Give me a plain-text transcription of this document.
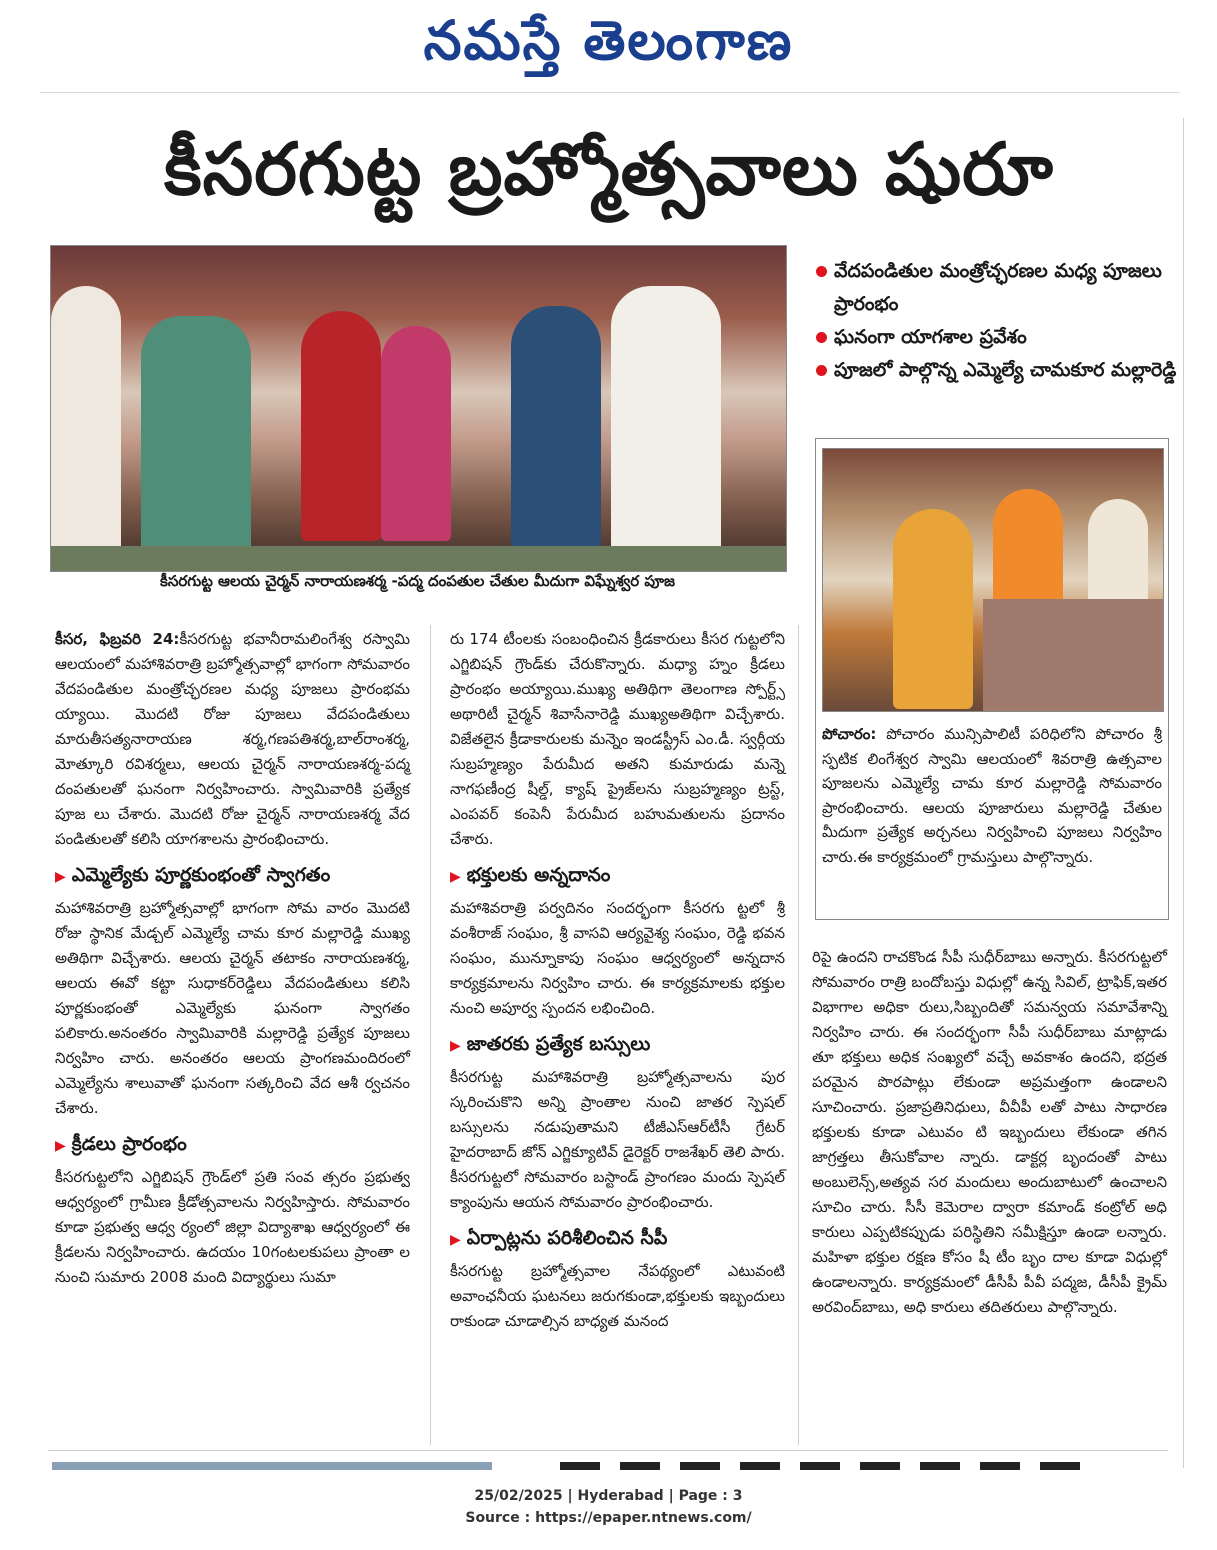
నమస్తే తెలంగాణ
కీసరగుట్ట బ్రహ్మోత్సవాలు షురూ
కీసరగుట్ట ఆలయ చైర్మన్ నారాయణశర్మ -పద్మ దంపతుల చేతుల మీదుగా విఘ్నేశ్వర పూజ
వేదపండితుల మంత్రోచ్ఛరణల మధ్య పూజలు ప్రారంభం
ఘనంగా యాగశాల ప్రవేశం
పూజలో పాల్గొన్న ఎమ్మెల్యే చామకూర మల్లారెడ్డి
పోచారం: పోచారం మున్సిపాలిటీ పరిధిలోని పోచారం శ్రీ స్ఫటిక లింగేశ్వర స్వామి ఆలయంలో శివరాత్రి ఉత్సవాల పూజలను ఎమ్మెల్యే చామ కూర మల్లారెడ్డి సోమవారం ప్రారంభించారు. ఆలయ పూజారులు మల్లారెడ్డి చేతుల మీదుగా ప్రత్యేక అర్చనలు నిర్వహించి పూజలు నిర్వహిం చారు.ఈ కార్యక్రమంలో గ్రామస్తులు పాల్గొన్నారు.
కీసర, ఫిబ్రవరి 24:కీసరగుట్ట భవానీరామలింగేశ్వ రస్వామి ఆలయంలో మహాశివరాత్రి బ్రహ్మోత్సవాల్లో భాగంగా సోమవారం వేదపండితుల మంత్రోచ్ఛరణల మధ్య పూజలు ప్రారంభమ య్యాయి. మొదటి రోజు పూజలు వేదపండితులు మారుతీసత్యనారాయణ శర్మ,గణపతిశర్మ,బాల్‌రాంశర్మ, మోత్కూరి రవిశర్మలు, ఆలయ చైర్మన్ నారాయణశర్మ-పద్మ దంపతులతో ఘనంగా నిర్వహించారు. స్వామివారికి ప్రత్యేక పూజ లు చేశారు. మొదటి రోజు చైర్మన్ నారాయణశర్మ వేద పండితులతో కలిసి యాగశాలను ప్రారంభించారు.
▶ ఎమ్మెల్యేకు పూర్ణకుంభంతో స్వాగతం
మహాశివరాత్రి బ్రహ్మోత్సవాల్లో భాగంగా సోమ వారం మొదటి రోజు స్థానిక మేడ్చల్ ఎమ్మెల్యే చామ కూర మల్లారెడ్డి ముఖ్య అతిథిగా విచ్చేశారు. ఆలయ చైర్మన్ తటాకం నారాయణశర్మ, ఆలయ ఈవో కట్టా సుధాకర్‌రెడ్డిలు వేదపండితులు కలిసి పూర్ణకుంభంతో ఎమ్మెల్యేకు ఘనంగా స్వాగతం పలికారు.అనంతరం స్వామివారికి మల్లారెడ్డి ప్రత్యేక పూజలు నిర్వహిం చారు. అనంతరం ఆలయ ప్రాంగణమందిరంలో ఎమ్మెల్యేను శాలువాతో ఘనంగా సత్కరించి వేద ఆశీ ర్వచనం చేశారు.
▶ క్రీడలు ప్రారంభం
కీసరగుట్టలోని ఎగ్జిబిషన్ గ్రౌండ్‌లో ప్రతి సంవ త్సరం ప్రభుత్వ ఆధ్వర్యంలో గ్రామీణ క్రీడోత్సవాలను నిర్వహిస్తారు. సోమవారం కూడా ప్రభుత్వ ఆధ్వ ర్యంలో జిల్లా విద్యాశాఖ ఆధ్వర్యంలో ఈ క్రీడలను నిర్వహించారు. ఉదయం 10గంటలకుపలు ప్రాంతా ల నుంచి సుమారు 2008 మంది విద్యార్థులు సుమా
రు 174 టీంలకు సంబంధించిన క్రీడకారులు కీసర గుట్టలోని ఎగ్జిబిషన్ గ్రౌండ్‌కు చేరుకొన్నారు. మధ్యా హ్నం క్రీడలు ప్రారంభం అయ్యాయి.ముఖ్య అతిథిగా తెలంగాణ స్పోర్ట్స్ అథారిటీ చైర్మన్ శివాసేనారెడ్డి ముఖ్యఅతిథిగా విచ్చేశారు. విజేతలైన క్రీడాకారులకు మన్నెం ఇండస్ట్రీస్ ఎం.డీ. స్వర్గీయ సుబ్రహ్మణ్యం పేరుమీద అతని కుమారుడు మన్నె నాగఫణీంద్ర షీల్డ్, క్యాష్ ప్రైజ్‌లను సుబ్రహ్మణ్యం ట్రస్ట్, ఎంపవర్ కంపెనీ పేరుమీద బహుమతులను ప్రదానం చేశారు.
▶ భక్తులకు అన్నదానం
మహాశివరాత్రి పర్వదినం సందర్భంగా కీసరగు ట్టలో శ్రీ వంశీరాజ్ సంఘం, శ్రీ వాసవి ఆర్యవైశ్య సంఘం, రెడ్డి భవన సంఘం, మున్నూకాపు సంఘం ఆధ్వర్యంలో అన్నదాన కార్యక్రమాలను నిర్వహిం చారు. ఈ కార్యక్రమాలకు భక్తుల నుంచి అపూర్వ స్పందన లభించింది.
▶ జాతరకు ప్రత్యేక బస్సులు
కీసరగుట్ట మహాశివరాత్రి బ్రహ్మోత్సవాలను పుర స్కరించుకొని అన్ని ప్రాంతాల నుంచి జాతర స్పెషల్ బస్సులను నడుపుతామని టీజీఎస్‌ఆర్‌టీసీ గ్రేటర్ హైదరాబాద్ జోన్ ఎగ్జిక్యూటివ్ డైరెక్టర్ రాజశేఖర్ తెలి పారు. కీసరగుట్టలో సోమవారం బస్టాండ్ ప్రాంగణం మందు స్పెషల్ క్యాంపును ఆయన సోమవారం ప్రారంభించారు.
▶ ఏర్పాట్లను పరిశీలించిన సీపీ
కీసరగుట్ట బ్రహ్మోత్సవాల నేపథ్యంలో ఎటువంటి అవాంఛనీయ ఘటనలు జరుగకుండా,భక్తులకు ఇబ్బందులు రాకుండా చూడాల్సిన బాధ్యత మనంద
రిపై ఉందని రాచకొండ సీపీ సుధీర్‌బాబు అన్నారు. కీసరగుట్టలో సోమవారం రాత్రి బందోబస్తు విధుల్లో ఉన్న సివిల్, ట్రాఫిక్,ఇతర విభాగాల అధికా రులు,సిబ్బందితో సమన్వయ సమావేశాన్ని నిర్వహిం చారు. ఈ సందర్భంగా సీపీ సుధీర్‌బాబు మాట్లాడు తూ భక్తులు అధిక సంఖ్యలో వచ్చే అవకాశం ఉందని, భద్రత పరమైన పొరపాట్లు లేకుండా అప్రమత్తంగా ఉండాలని సూచించారు. ప్రజాప్రతినిధులు, వీవీపీ లతో పాటు సాధారణ భక్తులకు కూడా ఎటువం టి ఇబ్బందులు లేకుండా తగిన జాగ్రత్తలు తీసుకోవాల న్నారు. డాక్టర్ల బృందంతో పాటు అంబులెన్స్,అత్యవ సర మందులు అందుబాటులో ఉంచాలని సూచిం చారు. సీసీ కెమెరాల ద్వారా కమాండ్ కంట్రోల్ అధి కారులు ఎప్పటికప్పుడు పరిస్థితిని సమీక్షిస్తూ ఉండా లన్నారు. మహిళా భక్తుల రక్షణ కోసం షీ టీం బృం దాల కూడా విధుల్లో ఉండాలన్నారు. కార్యక్రమంలో డీసీపీ పీవీ పద్మజ, డీసీపీ క్రైమ్ అరవింద్‌బాబు, అధి కారులు తదితరులు పాల్గొన్నారు.
25/02/2025 | Hyderabad | Page : 3
Source : https://epaper.ntnews.com/
